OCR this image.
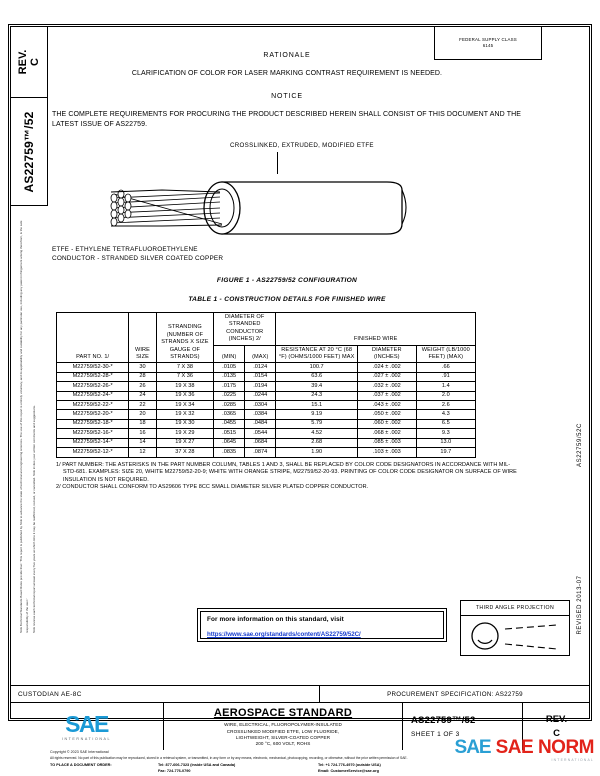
REV. C
AS22759™/52

SAE Technical Standards Board Rules provide that: “This report is published by SAE to advance the state of technical and engineering sciences. The use of this report is entirely voluntary, and its applicability and suitability for any particular use, including any patent infringement arising therefrom, is the sole responsibility of the user.”	SAE reviews each technical report at least every five years at which time it may be reaffirmed, revised, or cancelled. SAE invites your written comments and suggestions.	AS22759/52C
REVISED 2013-07
FEDERAL SUPPLY CLASS
6145
RATIONALE
CLARIFICATION OF COLOR FOR LASER MARKING CONTRAST REQUIREMENT IS NEEDED.
NOTICE
THE COMPLETE REQUIREMENTS FOR PROCURING THE PRODUCT DESCRIBED HEREIN SHALL CONSIST OF THIS DOCUMENT AND THE LATEST ISSUE OF AS22759.
CROSSLINKED, EXTRUDED, MODIFIED ETFE
ETFE - ETHYLENE TETRAFLUOROETHYLENE
CONDUCTOR - STRANDED SILVER COATED COPPER
FIGURE 1 - AS22759/52 CONFIGURATION
TABLE 1 - CONSTRUCTION DETAILS FOR FINISHED WIRE
PART NO. 1/	WIRE SIZE	STRANDING (NUMBER OF STRANDS X SIZE GAUGE OF STRANDS)	DIAMETER OF STRANDED CONDUCTOR (INCHES) 2/		FINISHED WIRE		
			(MIN)	(MAX)	RESISTANCE AT 20 °C (68 °F) (OHMS/1000 FEET) MAX	DIAMETER (INCHES)	WEIGHT (LB/1000 FEET) (MAX)
M22759/52-30-*	30	7 X 38	.0105	.0124	100.7	.024 ± .002	.66
M22759/52-28-*	28	7 X 36	.0135	.0154	63.6	.027 ± .002	.91
M22759/52-26-*	26	19 X 38	.0175	.0194	39.4	.032 ± .002	1.4
M22759/52-24-*	24	19 X 36	.0225	.0244	24.3	.037 ± .002	2.0
M22759/52-22-*	22	19 X 34	.0285	.0304	15.1	.043 ± .002	2.6
M22759/52-20-*	20	19 X 32	.0365	.0384	9.19	.050 ± .002	4.3
M22759/52-18-*	18	19 X 30	.0455	.0484	5.79	.060 ± .002	6.5
M22759/52-16-*	16	19 X 29	.0515	.0544	4.52	.068 ± .002	9.3
M22759/52-14-*	14	19 X 27	.0645	.0684	2.68	.085 ± .003	13.0
M22759/52-12-*	12	37 X 28	.0835	.0874	1.90	.103 ± .003	19.7
1/ PART NUMBER: THE ASTERISKS IN THE PART NUMBER COLUMN, TABLES 1 AND 3, SHALL BE REPLACED BY COLOR CODE DESIGNATORS IN ACCORDANCE WITH MIL-STD-681. EXAMPLES: SIZE 20, WHITE M22759/52-20-9; WHITE WITH ORANGE STRIPE, M22759/52-20-93. PRINTING OF COLOR CODE DESIGNATOR ON SURFACE OF WIRE INSULATION IS NOT REQUIRED.
2/ CONDUCTOR SHALL CONFORM TO AS29606 TYPE 8CC SMALL DIAMETER SILVER PLATED COPPER CONDUCTOR.
For more information on this standard, visit
https://www.sae.org/standards/content/AS22759/52C/
THIRD ANGLE PROJECTION
CUSTODIAN AE-8C	PROCUREMENT SPECIFICATION: AS22759
SAE
INTERNATIONAL
AEROSPACE STANDARD
WIRE, ELECTRICAL, FLUOROPOLYMER-INSULATED
CROSSLINKED MODIFIED ETFE, LOW FLUORIDE,
LIGHTWEIGHT, SILVER-COATED COPPER
200 °C, 600 VOLT, ROHS
AS22759™/52
SHEET 1 OF 3
REV.
C
Copyright © 2023 SAE International
All rights reserved. No part of this publication may be reproduced, stored in a retrieval system, or transmitted, in any form or by any means, electronic, mechanical, photocopying, recording, or otherwise, without the prior written permission of SAE.
TO PLACE A DOCUMENT ORDER:	Tel: 877-606-7323 (inside USA and Canada)	Tel: +1 724-776-4970 (outside USA)
Fax: 724-776-0790	Email: CustomerService@sae.org
SAE SAE NORM
INTERNATIONAL
